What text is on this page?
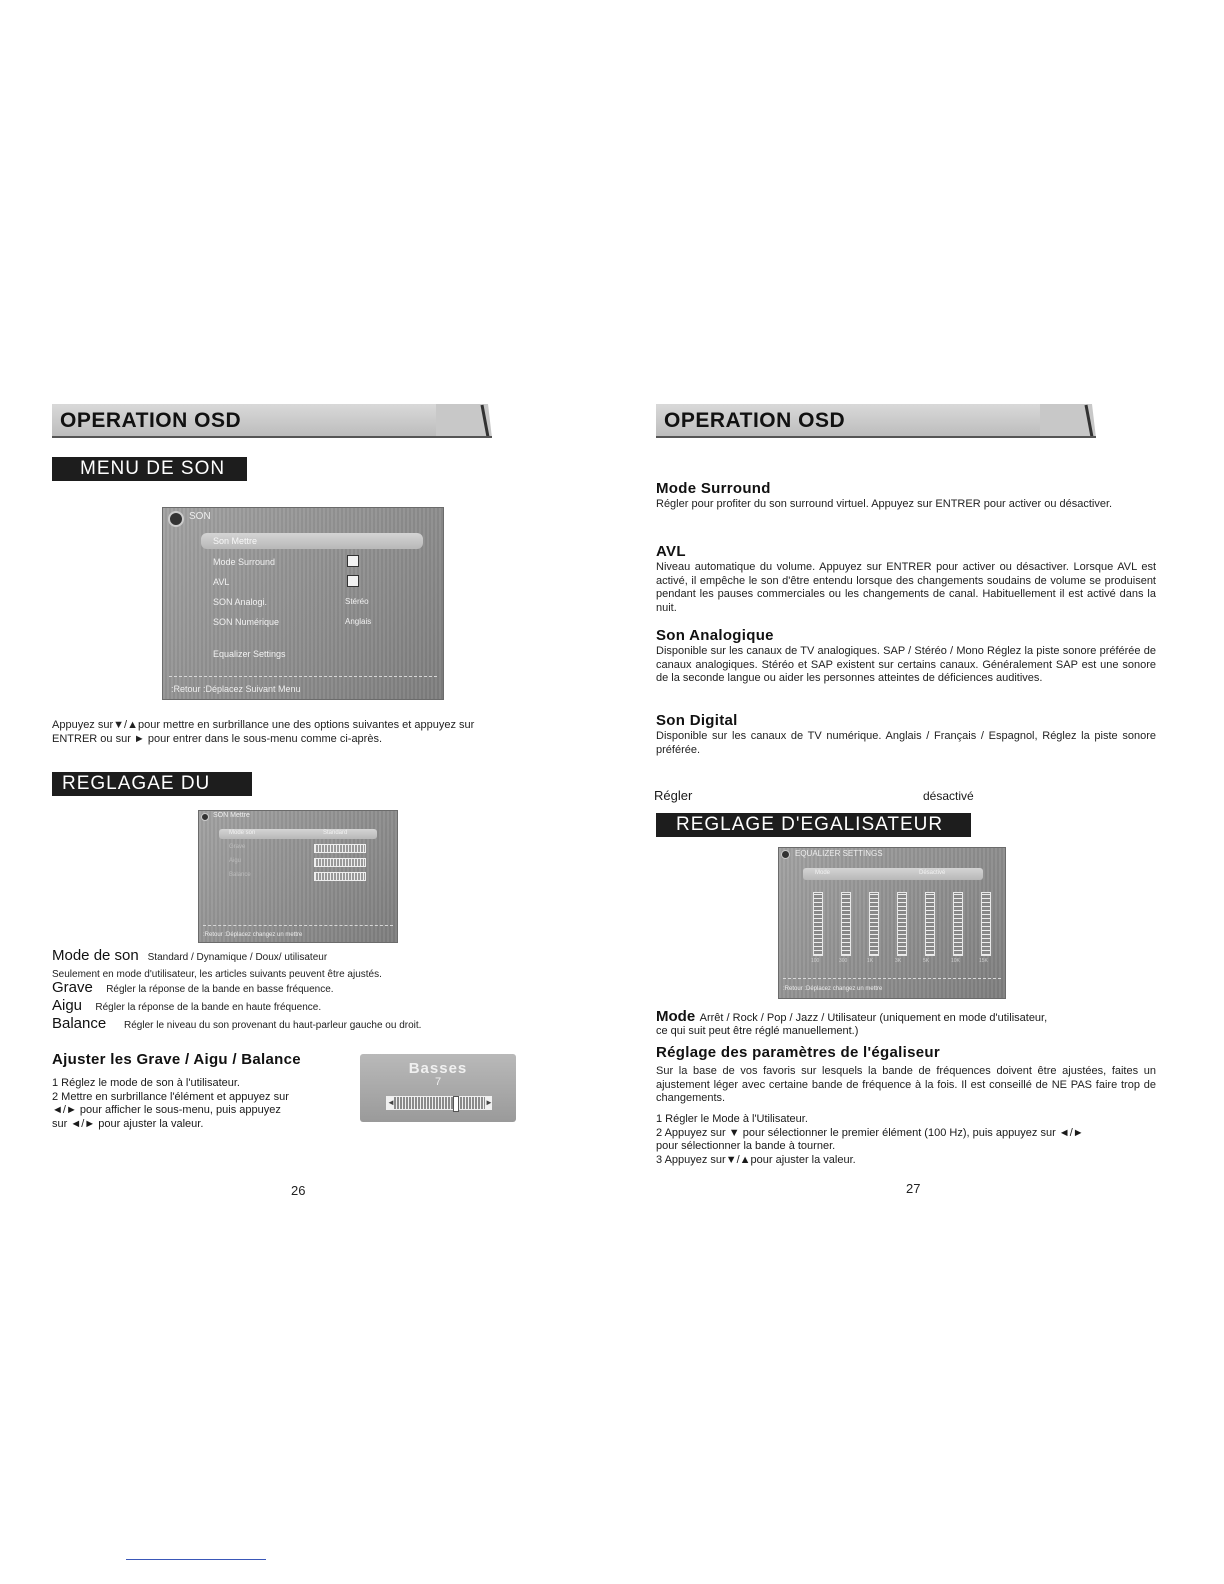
OPERATION OSD
MENU DE SON
SON
Son Mettre
Mode Surround
AVL
SON Analogi.	Stéréo
SON Numérique	Anglais
Equalizer Settings
:Retour :Déplacez Suivant Menu
Appuyez sur▼/▲pour mettre en surbrillance une des options suivantes et appuyez sur
ENTRER ou sur ► pour entrer dans le sous-menu comme ci-après.
REGLAGAE DU SON	SON Mettre
Mode son	Standard
Grave
Aigu
Balance
:Retour :Déplacez changez un mettre
Mode de son Standard / Dynamique / Doux/ utilisateur
Seulement en mode d'utilisateur, les articles suivants peuvent être ajustés.
Grave Régler la réponse de la bande en basse fréquence.
Aigu Régler la réponse de la bande en haute fréquence.
Balance Régler le niveau du son provenant du haut-parleur gauche ou droit.
Ajuster les Grave / Aigu / Balance
1 Réglez le mode de son à l'utilisateur.
2 Mettre en surbrillance l'élément et appuyez sur
◄/► pour afficher le sous-menu, puis appuyez
sur ◄/► pour ajuster la valeur.
Basses
7
◄	►
26
OPERATION OSD
Mode Surround
Régler pour profiter du son surround virtuel. Appuyez sur ENTRER pour activer ou désactiver.
AVL
Niveau automatique du volume. Appuyez sur ENTRER pour activer ou désactiver. Lorsque AVL est activé, il empêche le son d'être entendu lorsque des changements soudains de volume se produisent pendant les pauses commerciales ou les changements de canal. Habituellement il est activé dans la nuit.
Son Analogique
Disponible sur les canaux de TV analogiques. SAP / Stéréo / Mono Réglez la piste sonore préférée de canaux analogiques. Stéréo et SAP existent sur certains canaux. Généralement SAP est une sonore de la seconde langue ou aider les personnes atteintes de déficiences auditives.
Son Digital
Disponible sur les canaux de TV numérique. Anglais / Français / Espagnol, Réglez la piste sonore préférée.
Régler	désactivé
REGLAGE D'EGALISATEUR
EQUALIZER SETTINGS
Mode	Désactivé
100	300	1K	3K	5K	10K	15K
:Retour :Déplacez changez un mettre
Mode Arrêt / Rock / Pop / Jazz / Utilisateur (uniquement en mode d'utilisateur,
ce qui suit peut être réglé manuellement.)
Réglage des paramètres de l'égaliseur
Sur la base de vos favoris sur lesquels la bande de fréquences doivent être ajustées, faites un ajustement léger avec certaine bande de fréquence à la fois. Il est conseillé de NE PAS faire trop de changements.
1 Régler le Mode à l'Utilisateur.
2 Appuyez sur ▼ pour sélectionner le premier élément (100 Hz), puis appuyez sur ◄/►
pour sélectionner la bande à tourner.
3 Appuyez sur▼/▲pour ajuster la valeur.
27
